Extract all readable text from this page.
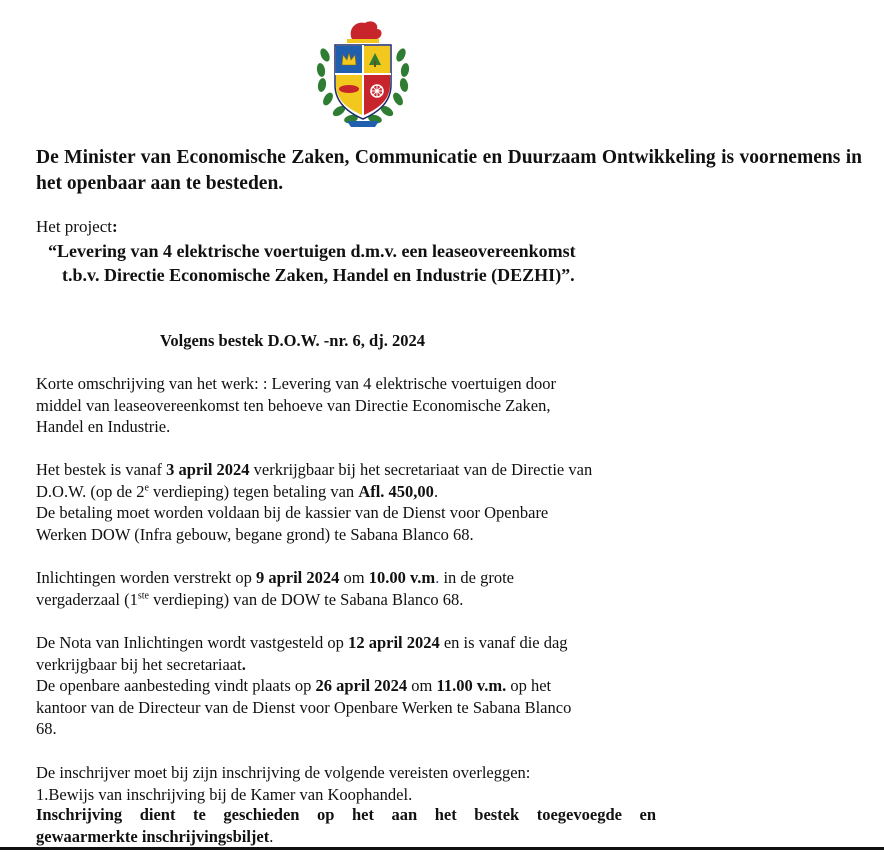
De Minister van Economische Zaken, Communicatie en Duurzaam Ontwikkeling is voornemens in het openbaar aan te besteden.
Het project:
“Levering van 4 elektrische voertuigen d.m.v. een leaseovereenkomst
t.b.v. Directie Economische Zaken, Handel en Industrie (DEZHI)”.
Volgens bestek D.O.W. -nr. 6, dj. 2024
Korte omschrijving van het werk: : Levering van 4 elektrische voertuigen door
middel van leaseovereenkomst ten behoeve van Directie Economische Zaken,
Handel en Industrie.
Het bestek is vanaf 3 april 2024 verkrijgbaar bij het secretariaat van de Directie van
D.O.W. (op de 2e verdieping) tegen betaling van Afl. 450,00.
De betaling moet worden voldaan bij de kassier van de Dienst voor Openbare
Werken DOW (Infra gebouw, begane grond) te Sabana Blanco 68.
Inlichtingen worden verstrekt op 9 april 2024 om 10.00 v.m. in de grote
vergaderzaal (1ste verdieping) van de DOW te Sabana Blanco 68.
De Nota van Inlichtingen wordt vastgesteld op 12 april 2024 en is vanaf die dag
verkrijgbaar bij het secretariaat.
De openbare aanbesteding vindt plaats op 26 april 2024 om 11.00 v.m. op het
kantoor van de Directeur van de Dienst voor Openbare Werken te Sabana Blanco
68.
De inschrijver moet bij zijn inschrijving de volgende vereisten overleggen:
1.Bewijs van inschrijving bij de Kamer van Koophandel.
Inschrijving dient te geschieden op het aan het bestek toegevoegde en
gewaarmerkte inschrijvingsbiljet.
